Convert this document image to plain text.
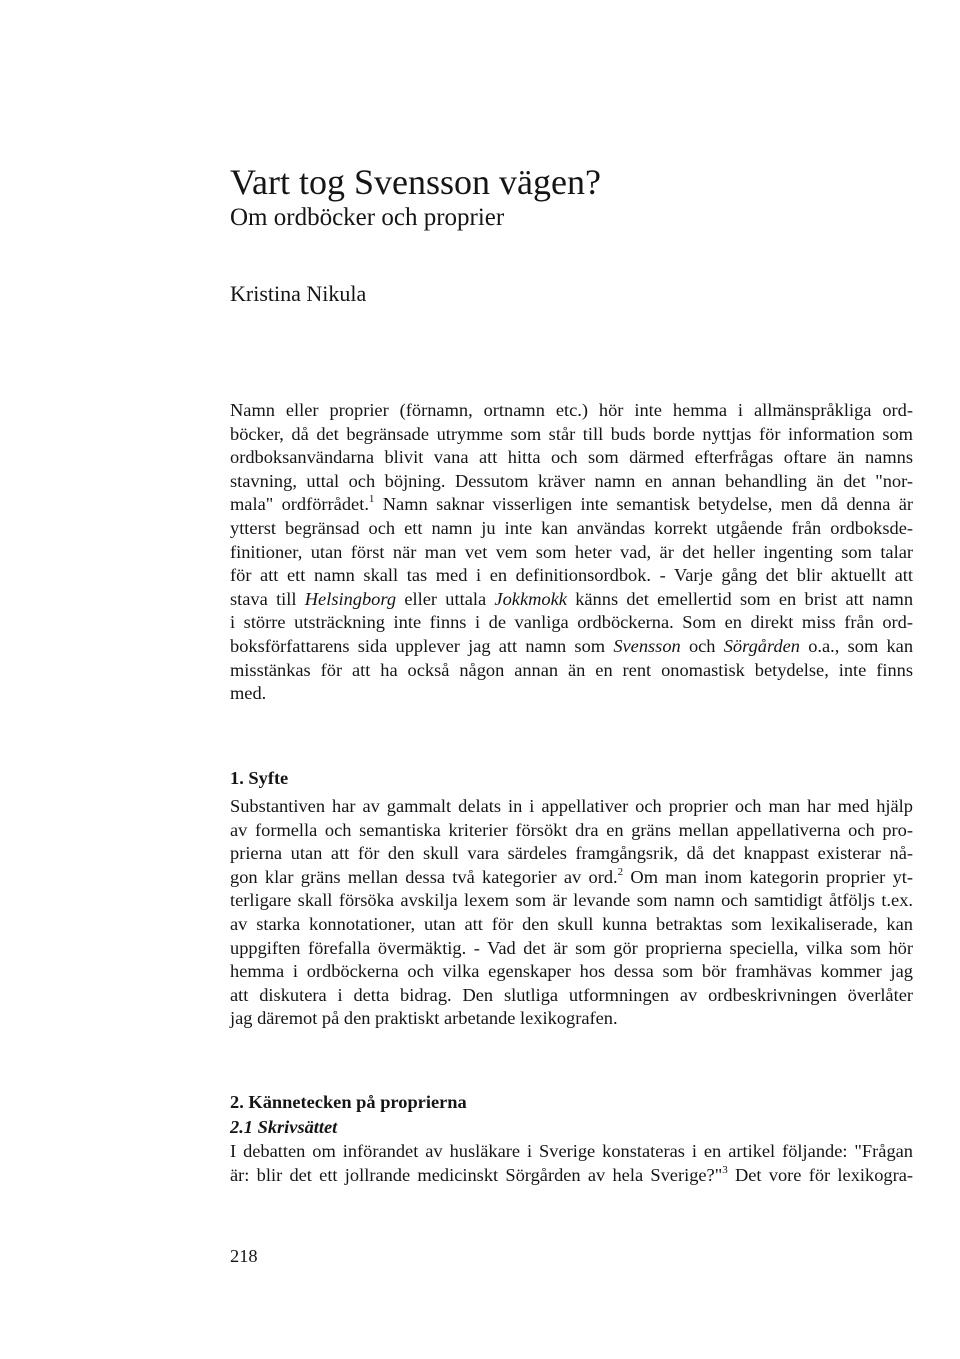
Vart tog Svensson vägen?
Om ordböcker och proprier

Kristina Nikula

Namn eller proprier (förnamn, ortnamn etc.) hör inte hemma i allmänspråkliga ord-
böcker, då det begränsade utrymme som står till buds borde nyttjas för information som
ordboksanvändarna blivit vana att hitta och som därmed efterfrågas oftare än namns
stavning, uttal och böjning. Dessutom kräver namn en annan behandling än det "nor-
mala" ordförrådet.$^1$ Namn saknar visserligen inte semantisk betydelse, men då denna är
ytterst begränsad och ett namn ju inte kan användas korrekt utgående från ordboksde-
finitioner, utan först när man vet vem som heter vad, är det heller ingenting som talar
för att ett namn skall tas med i en definitionsordbok. - Varje gång det blir aktuellt att
stava till Helsingborg eller uttala Jokkmokk känns det emellertid som en brist att namn
i större utsträckning inte finns i de vanliga ordböckerna. Som en direkt miss från ord-
boksförfattarens sida upplever jag att namn som Svensson och Sörgården o.a., som kan
misstänkas för att ha också någon annan än en rent onomastisk betydelse, inte finns
med.
1. Syfte
Substantiven har av gammalt delats in i appellativer och proprier och man har med hjälp
av formella och semantiska kriterier försökt dra en gräns mellan appellativerna och pro-
prierna utan att för den skull vara särdeles framgångsrik, då det knappast existerar nå-
gon klar gräns mellan dessa två kategorier av ord.$^2$ Om man inom kategorin proprier yt-
terligare skall försöka avskilja lexem som är levande som namn och samtidigt åtföljs t.ex.
av starka konnotationer, utan att för den skull kunna betraktas som lexikaliserade, kan
uppgiften förefalla övermäktig. - Vad det är som gör proprierna speciella, vilka som hör
hemma i ordböckerna och vilka egenskaper hos dessa som bör framhävas kommer jag
att diskutera i detta bidrag. Den slutliga utformningen av ordbeskrivningen överlåter
jag däremot på den praktiskt arbetande lexikografen.
2. Kännetecken på proprierna
2.1 Skrivsättet
I debatten om införandet av husläkare i Sverige konstateras i en artikel följande: "Frågan
är: blir det ett jollrande medicinskt Sörgården av hela Sverige?"$^3$ Det vore för lexikogra-

218
